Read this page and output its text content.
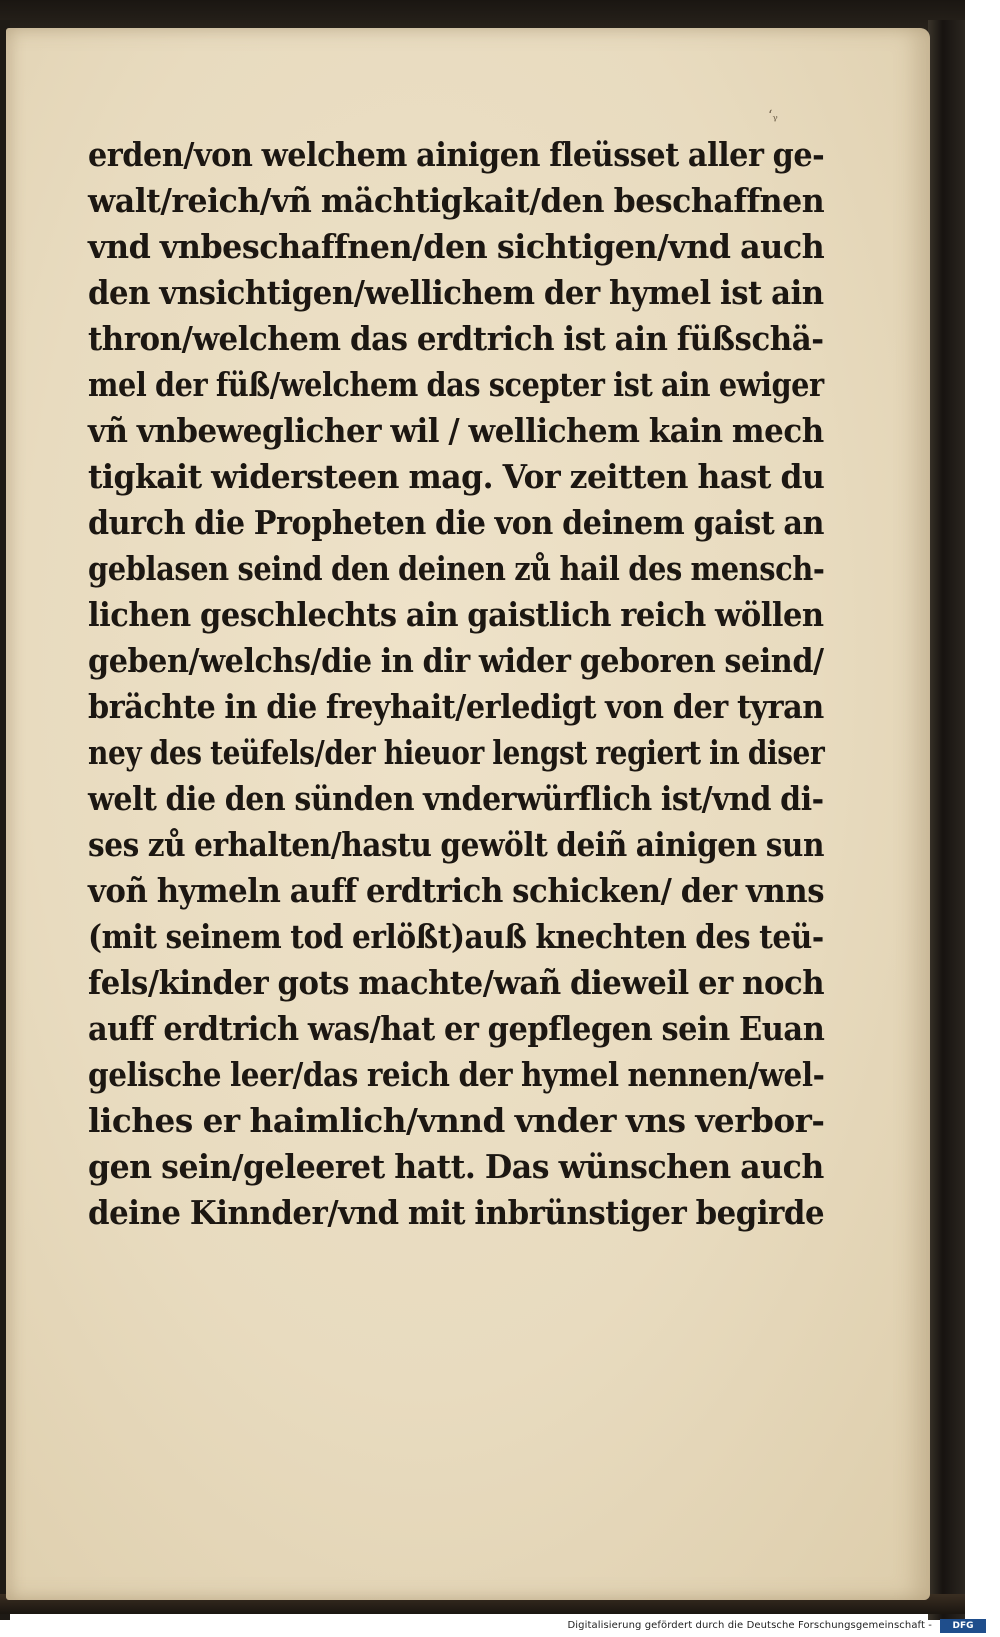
ʻᵧ
erden/von welchem ainigen fleüsset aller ge-
walt/reich/vñ mächtigkait/den beschaffnen
vnd vnbeschaffnen/den sichtigen/vnd auch
den vnsichtigen/wellichem der hymel ist ain
thron/welchem das erdtrich ist ain füßschä-
mel der füß/welchem das scepter ist ain ewiger
vñ vnbeweglicher wil / wellichem kain mech
tigkait widersteen mag. Vor zeitten hast du
durch die Propheten die von deinem gaist an
geblasen seind den deinen zů hail des mensch-
lichen geschlechts ain gaistlich reich wöllen
geben/welchs/die in dir wider geboren seind/
brächte in die freyhait/erledigt von der tyran
ney des teüfels/der hieuor lengst regiert in diser
welt die den sünden vnderwürflich ist/vnd di-
ses zů erhalten/hastu gewölt deiñ ainigen sun
voñ hymeln auff erdtrich schicken/ der vnns
(mit seinem tod erlößt)auß knechten des teü-
fels/kinder gots machte/wañ dieweil er noch
auff erdtrich was/hat er gepflegen sein Euan
gelische leer/das reich der hymel nennen/wel-
liches er haimlich/vnnd vnder vns verbor-
gen sein/geleeret hatt. Das wünschen auch
deine Kinnder/vnd mit inbrünstiger begirde
Digitalisierung gefördert durch die Deutsche Forschungsgemeinschaft -	DFG
